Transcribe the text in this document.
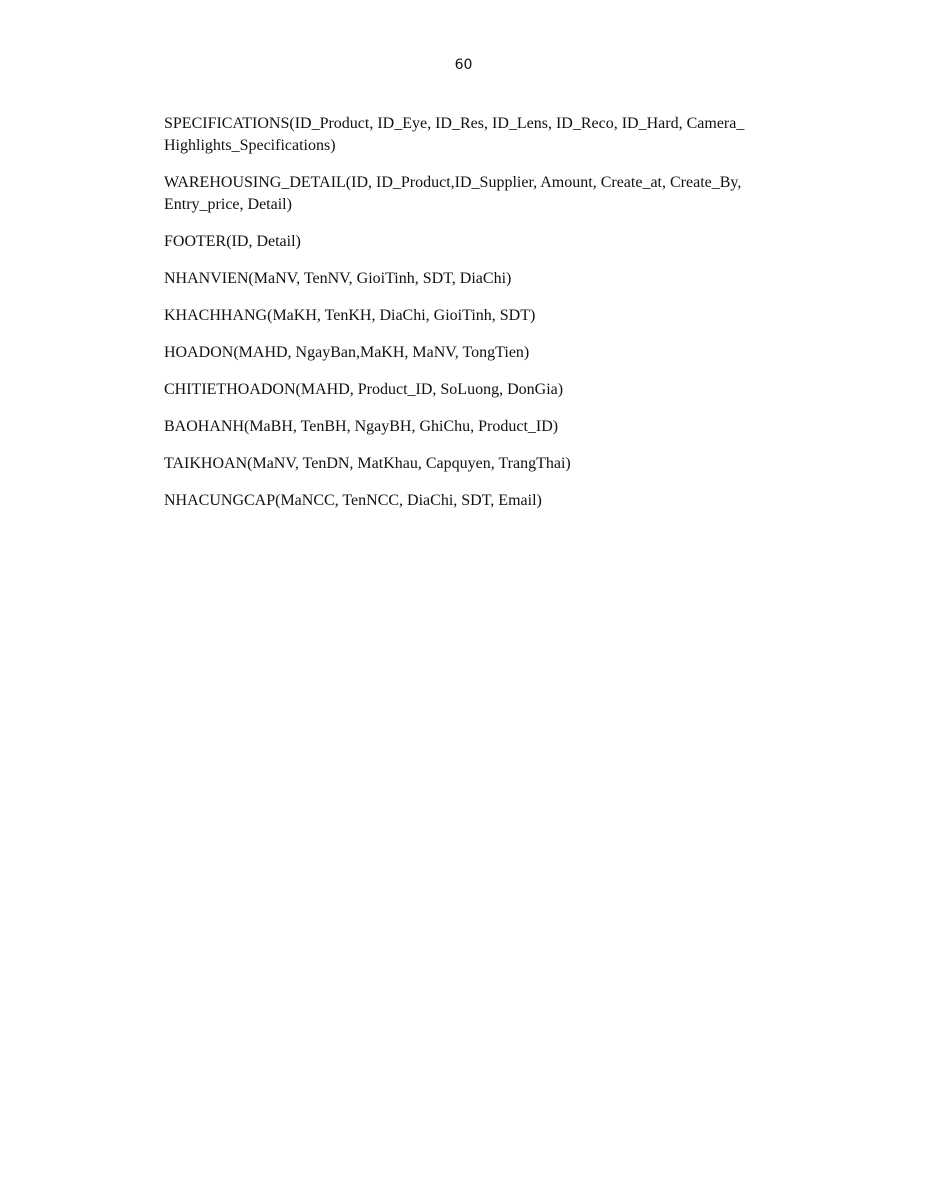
60
SPECIFICATIONS(ID_Product, ID_Eye, ID_Res, ID_Lens, ID_Reco, ID_Hard, Camera_
Highlights_Specifications)
WAREHOUSING_DETAIL(ID, ID_Product,ID_Supplier, Amount, Create_at, Create_By,
Entry_price, Detail)
FOOTER(ID, Detail)
NHANVIEN(MaNV, TenNV, GioiTinh, SDT, DiaChi)
KHACHHANG(MaKH, TenKH, DiaChi, GioiTinh, SDT)
HOADON(MAHD, NgayBan,MaKH, MaNV, TongTien)
CHITIETHOADON(MAHD, Product_ID, SoLuong, DonGia)
BAOHANH(MaBH, TenBH, NgayBH, GhiChu, Product_ID)
TAIKHOAN(MaNV, TenDN, MatKhau, Capquyen, TrangThai)
NHACUNGCAP(MaNCC, TenNCC, DiaChi, SDT, Email)
